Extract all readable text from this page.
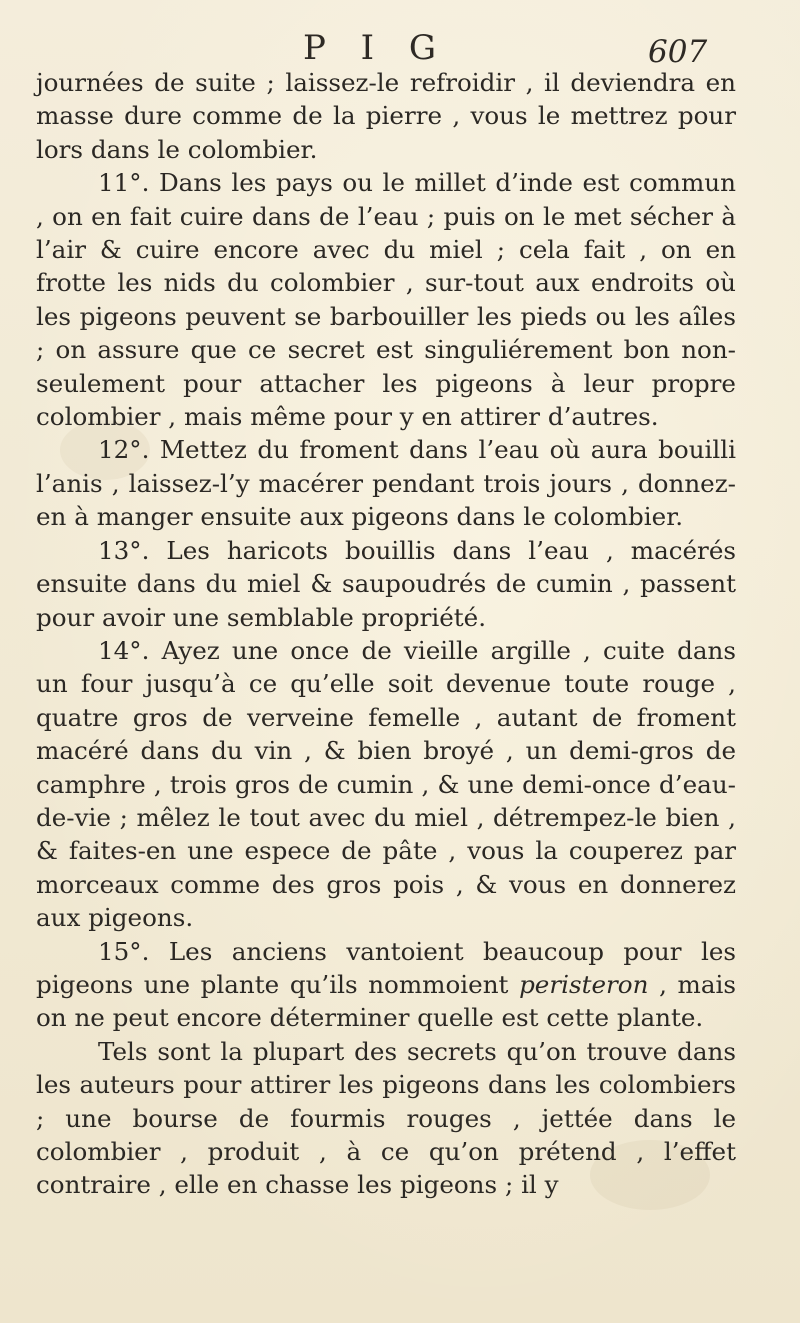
P I G	607

journées de suite ; laissez-le refroidir , il deviendra en masse dure comme de la pierre , vous le mettrez pour lors dans le colombier.

11°. Dans les pays ou le millet d’inde est commun , on en fait cuire dans de l’eau ; puis on le met sécher à l’air & cuire encore avec du miel ; cela fait , on en frotte les nids du colombier , sur-tout aux endroits où les pigeons peuvent se barbouiller les pieds ou les aîles ; on assure que ce secret est singuliérement bon non-seulement pour attacher les pigeons à leur propre colombier , mais même pour y en attirer d’autres.

12°. Mettez du froment dans l’eau où aura bouilli l’anis , laissez-l’y macérer pendant trois jours , donnez-en à manger ensuite aux pigeons dans le colombier.

13°. Les haricots bouillis dans l’eau , macérés ensuite dans du miel & saupoudrés de cumin , passent pour avoir une semblable propriété.

14°. Ayez une once de vieille argille , cuite dans un four jusqu’à ce qu’elle soit devenue toute rouge , quatre gros de verveine femelle , autant de froment macéré dans du vin , & bien broyé , un demi-gros de camphre , trois gros de cumin , & une demi-once d’eau-de-vie ; mêlez le tout avec du miel , détrempez-le bien , & faites-en une espece de pâte , vous la couperez par morceaux comme des gros pois , & vous en donnerez aux pigeons.

15°. Les anciens vantoient beaucoup pour les pigeons une plante qu’ils nommoient peristeron , mais on ne peut encore déterminer quelle est cette plante.

Tels sont la plupart des secrets qu’on trouve dans les auteurs pour attirer les pigeons dans les colombiers ; une bourse de fourmis rouges , jettée dans le colombier , produit , à ce qu’on prétend , l’effet contraire , elle en chasse les pigeons ; il y
